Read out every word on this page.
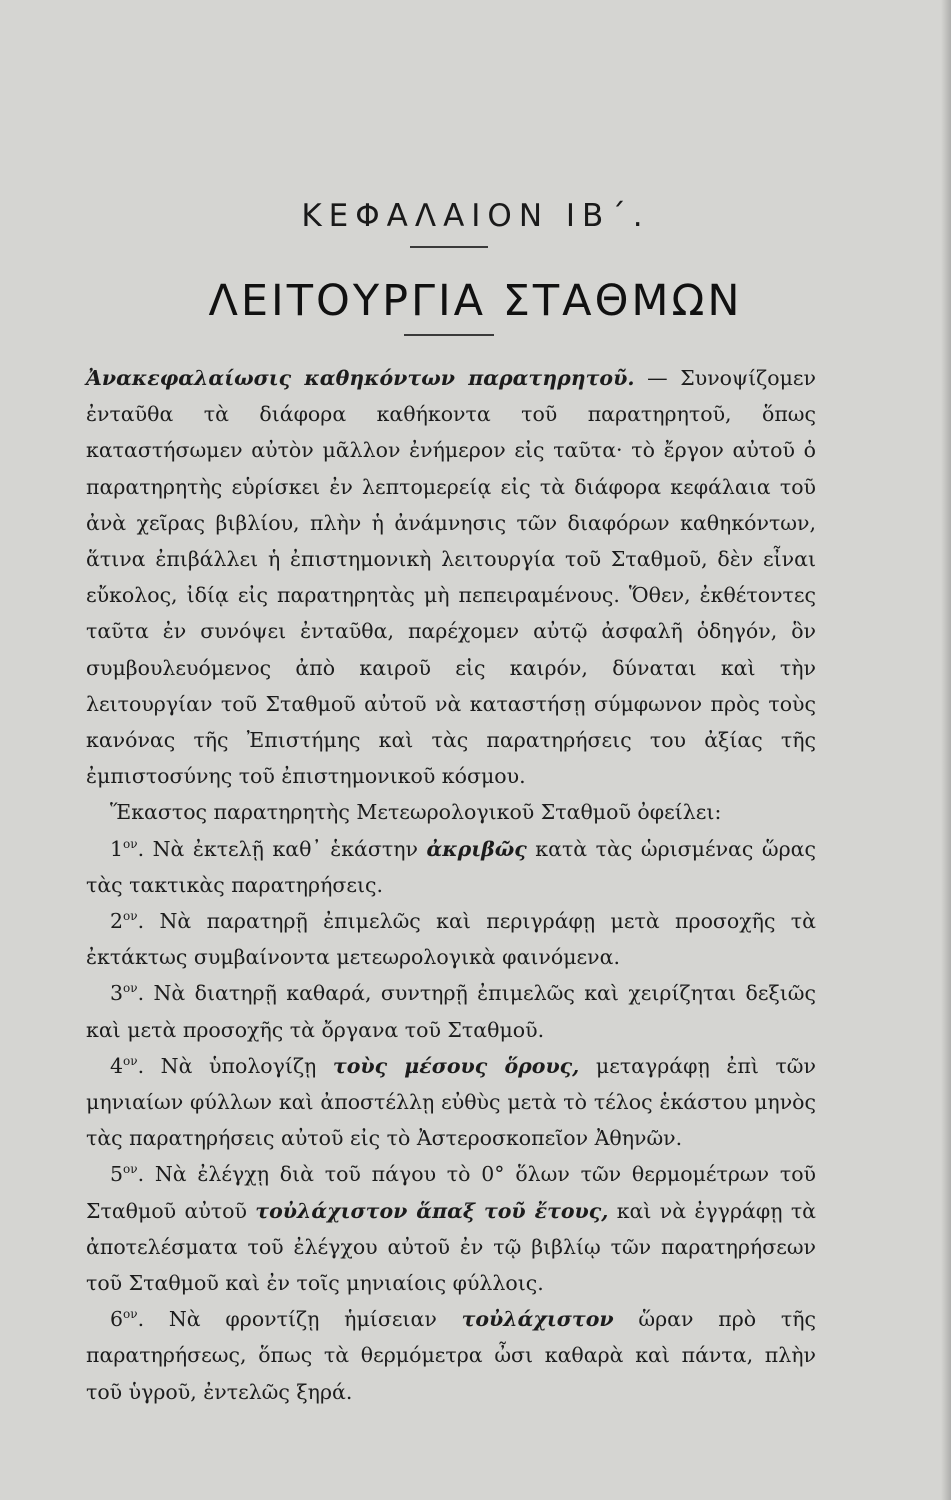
ΚΕΦΑΛΑΙΟΝ ΙΒ΄.
ΛΕΙΤΟΥΡΓΙΑ ΣΤΑΘΜΩΝ

Ἀνακεφαλαίωσις καθηκόντων παρατηρητοῦ. — Συνοψίζομεν ἐνταῦθα τὰ διάφορα καθήκοντα τοῦ παρατηρητοῦ, ὅπως καταστήσωμεν αὐτὸν μᾶλλον ἐνήμερον εἰς ταῦτα· τὸ ἔργον αὐτοῦ ὁ παρατηρητὴς εὑρίσκει ἐν λεπτομερείᾳ εἰς τὰ διάφορα κεφάλαια τοῦ ἀνὰ χεῖρας βιβλίου, πλὴν ἡ ἀνάμνησις τῶν διαφόρων καθηκόντων, ἅτινα ἐπιβάλλει ἡ ἐπιστημονικὴ λειτουργία τοῦ Σταθμοῦ, δὲν εἶναι εὔκολος, ἰδίᾳ εἰς παρατηρητὰς μὴ πεπειραμένους. Ὅθεν, ἐκθέτοντες ταῦτα ἐν συνόψει ἐνταῦθα, παρέχομεν αὐτῷ ἀσφαλῆ ὁδηγόν, ὃν συμβουλευόμενος ἀπὸ καιροῦ εἰς καιρόν, δύναται καὶ τὴν λειτουργίαν τοῦ Σταθμοῦ αὐτοῦ νὰ καταστήσῃ σύμφωνον πρὸς τοὺς κανόνας τῆς Ἐπιστήμης καὶ τὰς παρατηρήσεις του ἀξίας τῆς ἐμπιστοσύνης τοῦ ἐπιστημονικοῦ κόσμου.

Ἕκαστος παρατηρητὴς Μετεωρολογικοῦ Σταθμοῦ ὀφείλει:

$1^{o\nu}$. Νὰ ἐκτελῇ καθ᾽ ἑκάστην ἀκριβῶς κατὰ τὰς ὡρισμένας ὥρας τὰς τακτικὰς παρατηρήσεις.

$2^{o\nu}$. Νὰ παρατηρῇ ἐπιμελῶς καὶ περιγράφῃ μετὰ προσοχῆς τὰ ἐκτάκτως συμβαίνοντα μετεωρολογικὰ φαινόμενα.

$3^{o\nu}$. Νὰ διατηρῇ καθαρά, συντηρῇ ἐπιμελῶς καὶ χειρίζηται δεξιῶς καὶ μετὰ προσοχῆς τὰ ὄργανα τοῦ Σταθμοῦ.

$4^{o\nu}$. Νὰ ὑπολογίζῃ τοὺς μέσους ὅρους, μεταγράφῃ ἐπὶ τῶν μηνιαίων φύλλων καὶ ἀποστέλλῃ εὐθὺς μετὰ τὸ τέλος ἑκάστου μηνὸς τὰς παρατηρήσεις αὐτοῦ εἰς τὸ Ἀστεροσκοπεῖον Ἀθηνῶν.

$5^{o\nu}$. Νὰ ἐλέγχῃ διὰ τοῦ πάγου τὸ 0° ὅλων τῶν θερμομέτρων τοῦ Σταθμοῦ αὐτοῦ τοὐλάχιστον ἅπαξ τοῦ ἔτους, καὶ νὰ ἐγγράφῃ τὰ ἀποτελέσματα τοῦ ἐλέγχου αὐτοῦ ἐν τῷ βιβλίῳ τῶν παρατηρήσεων τοῦ Σταθμοῦ καὶ ἐν τοῖς μηνιαίοις φύλλοις.

$6^{o\nu}$. Νὰ φροντίζῃ ἡμίσειαν τοὐλάχιστον ὥραν πρὸ τῆς παρατηρήσεως, ὅπως τὰ θερμόμετρα ὦσι καθαρὰ καὶ πάντα, πλὴν τοῦ ὑγροῦ, ἐντελῶς ξηρά.
